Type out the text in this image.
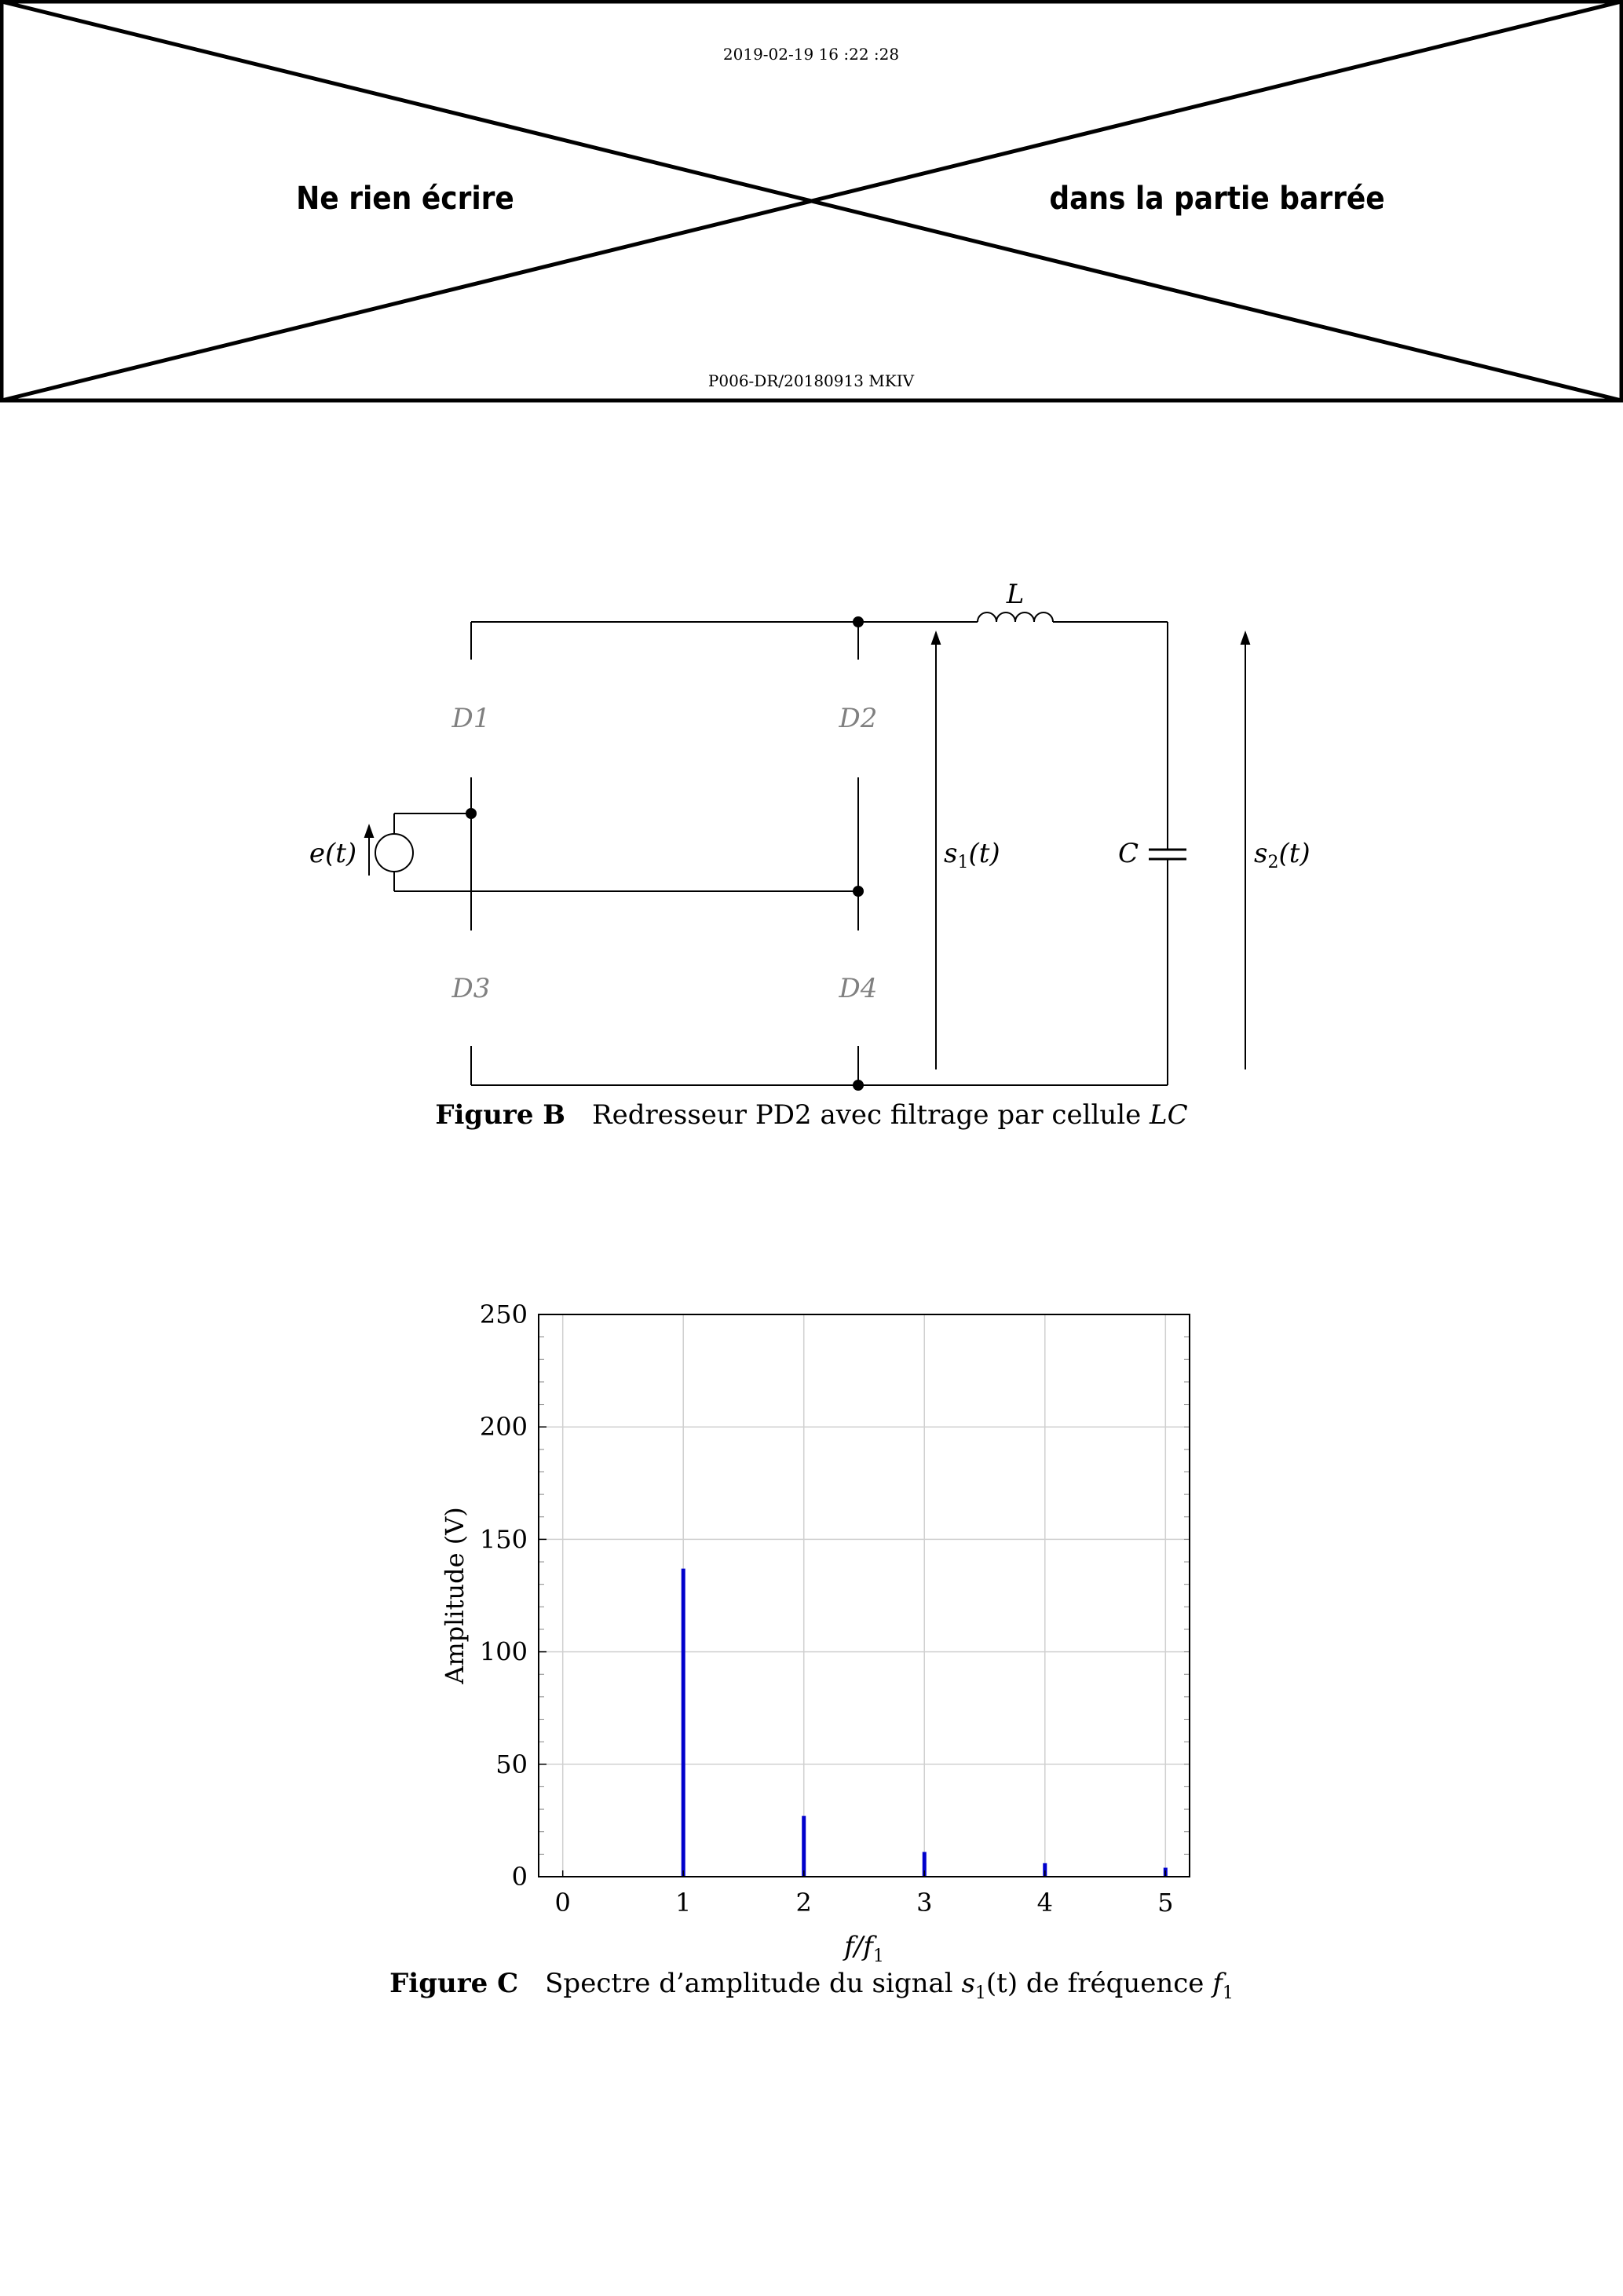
2019-02-19 16 :22 :28
Ne rien écrire	dans la partie barrée
P006-DR/20180913 MKIV
L
C
e(t)
D1	D2
D3	D4
$s_1(t)$	$s_2(t)$
Figure B Redresseur PD2 avec filtrage par cellule LC
0	1	2	3	4	5
0
50
100
150
200
250
Amplitude (V)
$f/f_1$
Figure C Spectre d’amplitude du signal $s_1(t)$ de fréquence $f_1$
